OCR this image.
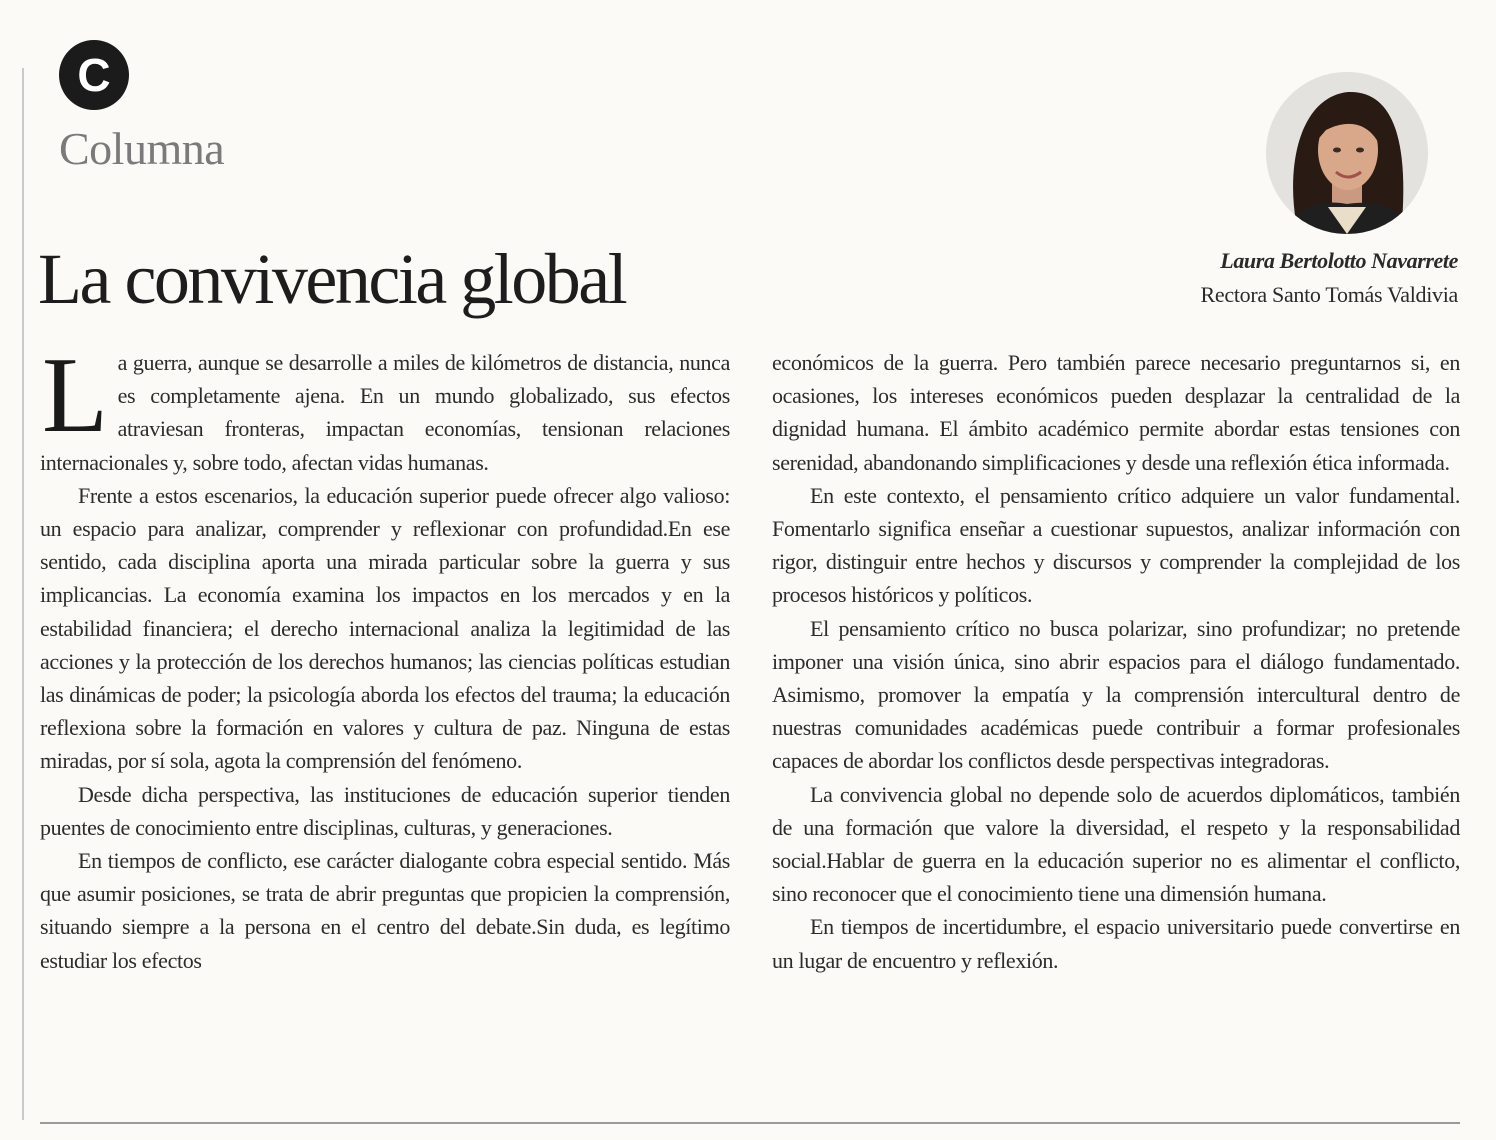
C
Columna
La convivencia global	Laura Bertolotto Navarrete
Rectora Santo Tomás Valdivia

La guerra, aunque se desarrolle a miles de kilómetros de distancia, nunca es completamente ajena. En un mundo globalizado, sus efectos atraviesan fronteras, impactan economías, tensionan relaciones internacionales y, sobre todo, afectan vidas humanas.

Frente a estos escenarios, la educación superior puede ofrecer algo valioso: un espacio para analizar, comprender y reflexionar con profundidad.En ese sentido, cada disciplina aporta una mirada particular sobre la guerra y sus implicancias. La economía examina los impactos en los mercados y en la estabilidad financiera; el derecho internacional analiza la legitimidad de las acciones y la protección de los derechos humanos; las ciencias políticas estudian las dinámicas de poder; la psicología aborda los efectos del trauma; la educación reflexiona sobre la formación en valores y cultura de paz. Ninguna de estas miradas, por sí sola, agota la comprensión del fenómeno.

Desde dicha perspectiva, las instituciones de educación superior tienden puentes de conocimiento entre disciplinas, culturas, y generaciones.

En tiempos de conflicto, ese carácter dialogante cobra especial sentido. Más que asumir posiciones, se trata de abrir preguntas que propicien la comprensión, situando siempre a la persona en el centro del debate.Sin duda, es legítimo estudiar los efectos

económicos de la guerra. Pero también parece necesario preguntarnos si, en ocasiones, los intereses económicos pueden desplazar la centralidad de la dignidad humana. El ámbito académico permite abordar estas tensiones con serenidad, abandonando simplificaciones y desde una reflexión ética informada.

En este contexto, el pensamiento crítico adquiere un valor fundamental. Fomentarlo significa enseñar a cuestionar supuestos, analizar información con rigor, distinguir entre hechos y discursos y comprender la complejidad de los procesos históricos y políticos.

El pensamiento crítico no busca polarizar, sino profundizar; no pretende imponer una visión única, sino abrir espacios para el diálogo fundamentado. Asimismo, promover la empatía y la comprensión intercultural dentro de nuestras comunidades académicas puede contribuir a formar profesionales capaces de abordar los conflictos desde perspectivas integradoras.

La convivencia global no depende solo de acuerdos diplomáticos, también de una formación que valore la diversidad, el respeto y la responsabilidad social.Hablar de guerra en la educación superior no es alimentar el conflicto, sino reconocer que el conocimiento tiene una dimensión humana.

En tiempos de incertidumbre, el espacio universitario puede convertirse en un lugar de encuentro y reflexión.
